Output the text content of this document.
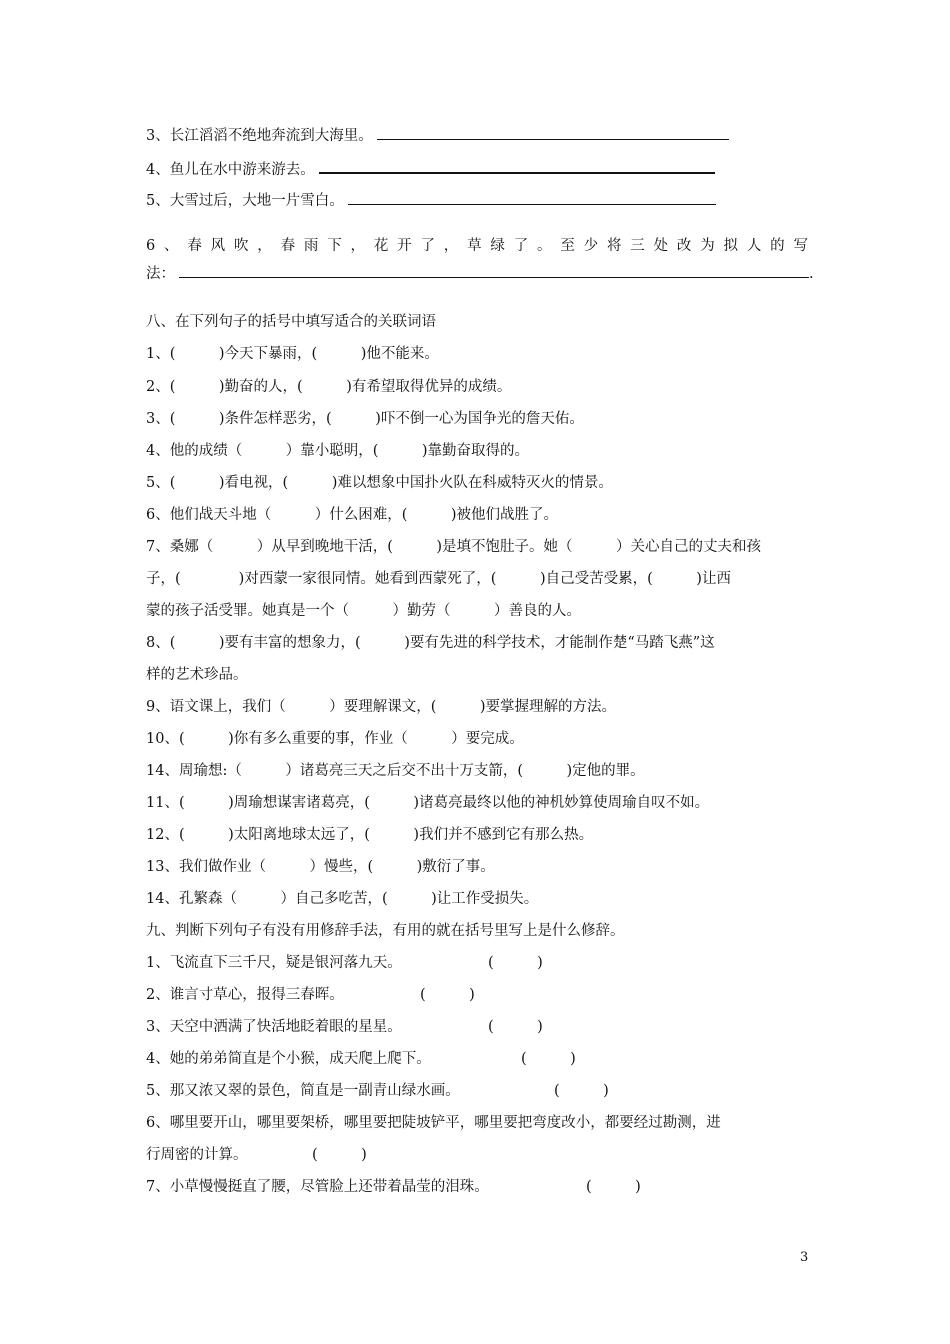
3、长江滔滔不绝地奔流到大海里。
4、鱼儿在水中游来游去。
5、大雪过后，大地一片雪白。
6 、 春 风 吹 ， 春 雨 下 ， 花 开 了 ， 草 绿 了 。 至 少 将 三 处 改 为 拟 人 的 写
法：	.
八、在下列句子的括号中填写适合的关联词语
1、(　　　)今天下暴雨，(　　　)他不能来。
2、(　　　)勤奋的人，(　　　)有希望取得优异的成绩。
3、(　　　)条件怎样恶劣，(　　　)吓不倒一心为国争光的詹天佑。
4、他的成绩（　　　）靠小聪明，(　　　)靠勤奋取得的。
5、(　　　)看电视，(　　　)难以想象中国扑火队在科威特灭火的情景。
6、他们战天斗地（　　　）什么困难，(　　　)被他们战胜了。
7、桑娜（　　　）从早到晚地干活，(　　　)是填不饱肚子。她（　　　）关心自己的丈夫和孩
子，(　　　　)对西蒙一家很同情。她看到西蒙死了，(　　　)自己受苦受累，(　　　)让西
蒙的孩子活受罪。她真是一个（　　　）勤劳（　　　）善良的人。
8、(　　　)要有丰富的想象力，(　　　)要有先进的科学技术，才能制作楚“马踏飞燕”这
样的艺术珍品。
9、语文课上，我们（　　　）要理解课文，(　　　)要掌握理解的方法。
10、(　　　)你有多么重要的事，作业（　　　）要完成。
14、周瑜想:（　　　）诸葛亮三天之后交不出十万支箭，(　　　)定他的罪。
11、(　　　)周瑜想谋害诸葛亮，(　　　)诸葛亮最终以他的神机妙算使周瑜自叹不如。
12、(　　　)太阳离地球太远了，(　　　)我们并不感到它有那么热。
13、我们做作业（　　　）慢些，(　　　)敷衍了事。
14、孔繁森（　　　）自己多吃苦，(　　　)让工作受损失。
九、判断下列句子有没有用修辞手法，有用的就在括号里写上是什么修辞。
1、飞流直下三千尺，疑是银河落九天。	(　　　)
2、谁言寸草心，报得三春晖。	(　　　)
3、天空中洒满了快活地眨着眼的星星。	(　　　)
4、她的弟弟简直是个小猴，成天爬上爬下。	(　　　)
5、那又浓又翠的景色，简直是一副青山绿水画。	(　　　)
6、哪里要开山，哪里要架桥，哪里要把陡坡铲平，哪里要把弯度改小，都要经过勘测，进
行周密的计算。	(　　　)
7、小草慢慢挺直了腰，尽管脸上还带着晶莹的泪珠。	(　　　)
3
